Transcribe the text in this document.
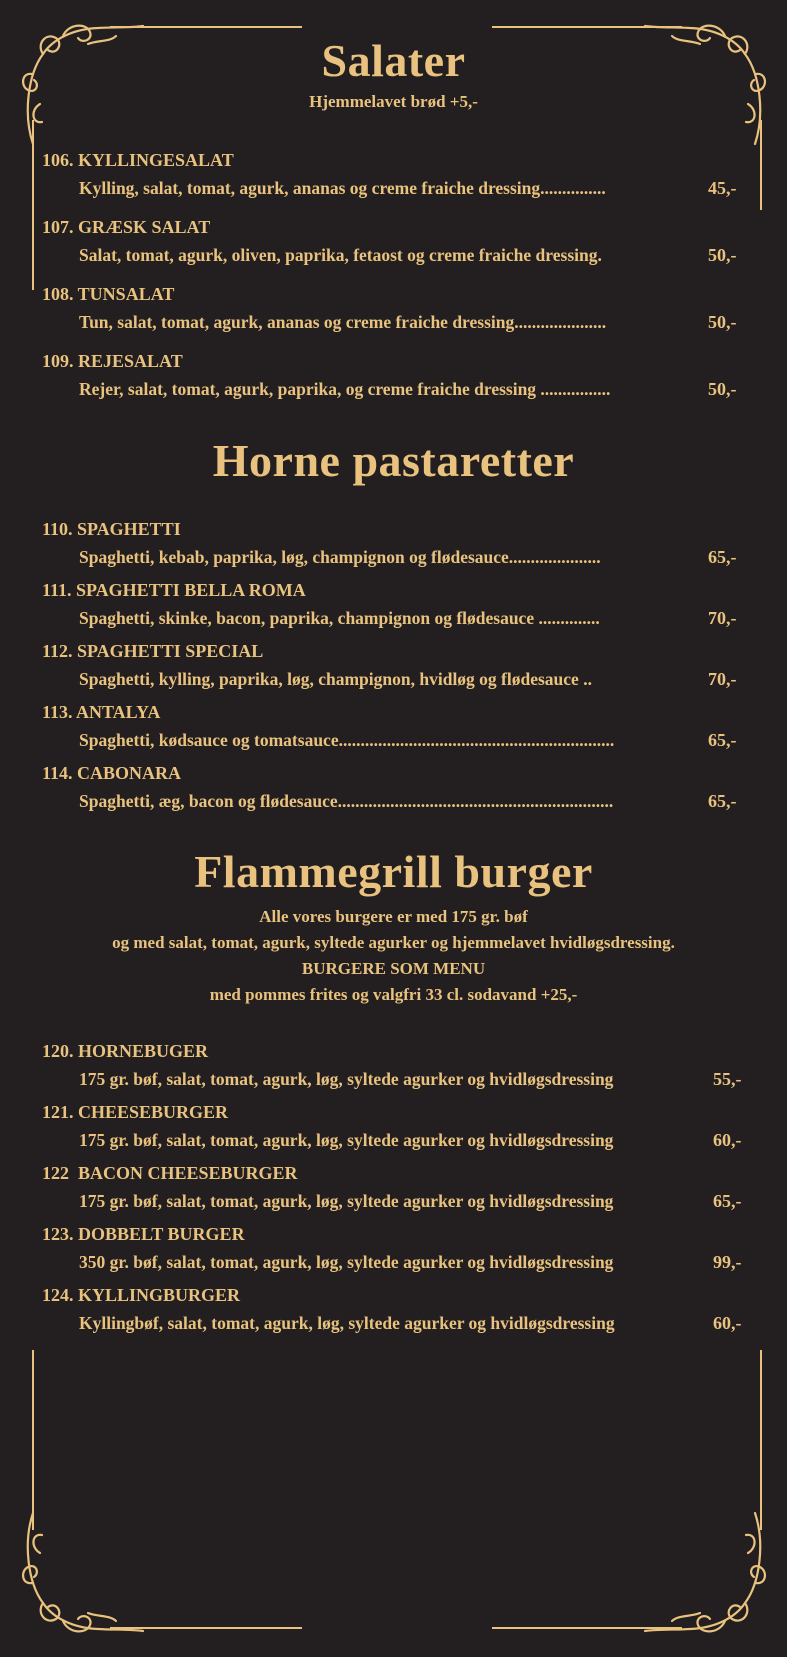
Salater
Hjemmelavet brød +5,-
106. KYLLINGESALAT
Kylling, salat, tomat, agurk, ananas og creme fraiche dressing...............	45,-
107. GRÆSK SALAT
Salat, tomat, agurk, oliven, paprika, fetaost og creme fraiche dressing.	50,-
108. TUNSALAT
Tun, salat, tomat, agurk, ananas og creme fraiche dressing.....................	50,-
109. REJESALAT
Rejer, salat, tomat, agurk, paprika, og creme fraiche dressing ................	50,-
Horne pastaretter
110. SPAGHETTI
Spaghetti, kebab, paprika, løg, champignon og flødesauce.....................	65,-
111. SPAGHETTI BELLA ROMA
Spaghetti, skinke, bacon, paprika, champignon og flødesauce ..............	70,-
112. SPAGHETTI SPECIAL
Spaghetti, kylling, paprika, løg, champignon, hvidløg og flødesauce ..	70,-
113. ANTALYA
Spaghetti, kødsauce og tomatsauce...............................................................	65,-
114. CABONARA
Spaghetti, æg, bacon og flødesauce...............................................................	65,-
Flammegrill burger
Alle vores burgere er med 175 gr. bøf
og med salat, tomat, agurk, syltede agurker og hjemmelavet hvidløgsdressing.
BURGERE SOM MENU
med pommes frites og valgfri 33 cl. sodavand +25,-
120. HORNEBUGER
175 gr. bøf, salat, tomat, agurk, løg, syltede agurker og hvidløgsdressing	55,-
121. CHEESEBURGER
175 gr. bøf, salat, tomat, agurk, løg, syltede agurker og hvidløgsdressing	60,-
122  BACON CHEESEBURGER
175 gr. bøf, salat, tomat, agurk, løg, syltede agurker og hvidløgsdressing	65,-
123. DOBBELT BURGER
350 gr. bøf, salat, tomat, agurk, løg, syltede agurker og hvidløgsdressing	99,-
124. KYLLINGBURGER
Kyllingbøf, salat, tomat, agurk, løg, syltede agurker og hvidløgsdressing	60,-
